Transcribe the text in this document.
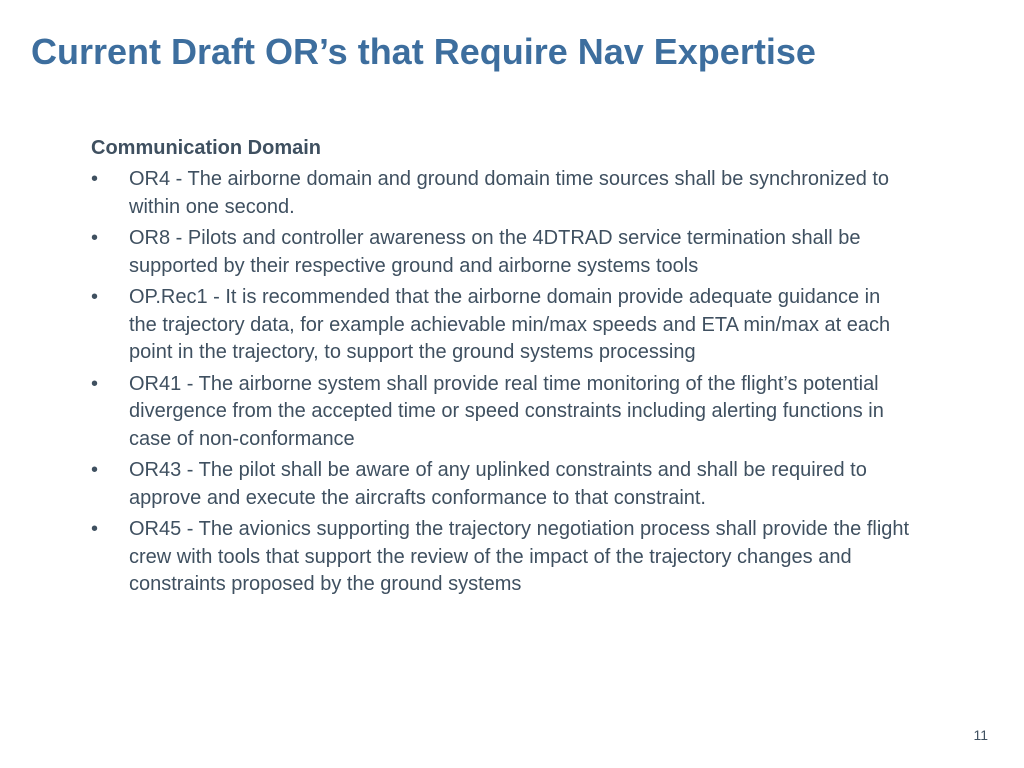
Current Draft OR’s that Require Nav Expertise
Communication Domain
• OR4 - The airborne domain and ground domain time sources shall be synchronized to within one second.
• OR8 - Pilots and controller awareness on the 4DTRAD service termination shall be supported by their respective ground and airborne systems tools
• OP.Rec1 - It is recommended that the airborne domain provide adequate guidance in the trajectory data, for example achievable min/max speeds and ETA min/max at each point in the trajectory, to support the ground systems processing
• OR41 - The airborne system shall provide real time monitoring of the flight’s potential divergence from the accepted time or speed constraints including alerting functions in case of non-conformance
• OR43 - The pilot shall be aware of any uplinked constraints and shall be required to approve and execute the aircrafts conformance to that constraint.
• OR45 - The avionics supporting the trajectory negotiation process shall provide the flight crew with tools that support the review of the impact of the trajectory changes and constraints proposed by the ground systems
11
